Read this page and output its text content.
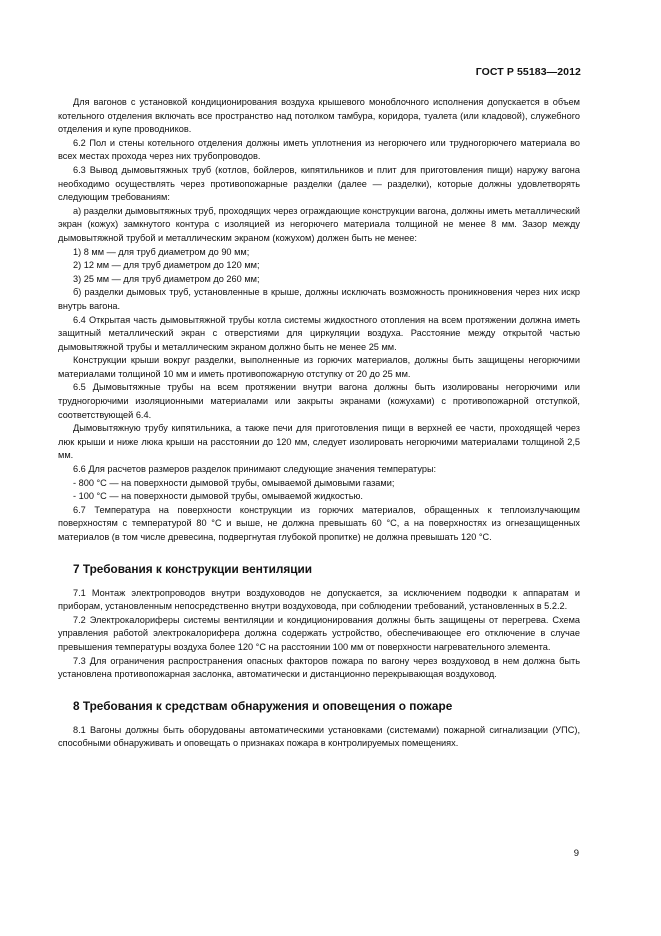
ГОСТ Р 55183—2012

Для вагонов с установкой кондиционирования воздуха крышевого моноблочного исполнения допускается в объем котельного отделения включать все пространство над потолком тамбура, коридора, туалета (или кладовой), служебного отделения и купе проводников.

6.2 Пол и стены котельного отделения должны иметь уплотнения из негорючего или трудногорючего материала во всех местах прохода через них трубопроводов.

6.3 Вывод дымовытяжных труб (котлов, бойлеров, кипятильников и плит для приготовления пищи) наружу вагона необходимо осуществлять через противопожарные разделки (далее — разделки), которые должны удовлетворять следующим требованиям:

а) разделки дымовытяжных труб, проходящих через ограждающие конструкции вагона, должны иметь металлический экран (кожух) замкнутого контура с изоляцией из негорючего материала толщиной не менее 8 мм. Зазор между дымовытяжной трубой и металлическим экраном (кожухом) должен быть не менее:

1) 8 мм — для труб диаметром до 90 мм;

2) 12 мм — для труб диаметром до 120 мм;

3) 25 мм — для труб диаметром до 260 мм;

б) разделки дымовых труб, установленные в крыше, должны исключать возможность проникновения через них искр внутрь вагона.

6.4 Открытая часть дымовытяжной трубы котла системы жидкостного отопления на всем протяжении должна иметь защитный металлический экран с отверстиями для циркуляции воздуха. Расстояние между открытой частью дымовытяжной трубы и металлическим экраном должно быть не менее 25 мм.

Конструкции крыши вокруг разделки, выполненные из горючих материалов, должны быть защищены негорючими материалами толщиной 10 мм и иметь противопожарную отступку от 20 до 25 мм.

6.5 Дымовытяжные трубы на всем протяжении внутри вагона должны быть изолированы негорючими или трудногорючими изоляционными материалами или закрыты экранами (кожухами) с противопожарной отступкой, соответствующей 6.4.

Дымовытяжную трубу кипятильника, а также печи для приготовления пищи в верхней ее части, проходящей через люк крыши и ниже люка крыши на расстоянии до 120 мм, следует изолировать негорючими материалами толщиной 2,5 мм.

6.6 Для расчетов размеров разделок принимают следующие значения температуры:

- 800 °С — на поверхности дымовой трубы, омываемой дымовыми газами;

- 100 °С — на поверхности дымовой трубы, омываемой жидкостью.

6.7 Температура на поверхности конструкции из горючих материалов, обращенных к теплоизлучающим поверхностям с температурой 80 °С и выше, не должна превышать 60 °С, а на поверхностях из огнезащищенных материалов (в том числе древесина, подвергнутая глубокой пропитке) не должна превышать 120 °С.

7 Требования к конструкции вентиляции

7.1 Монтаж электропроводов внутри воздуховодов не допускается, за исключением подводки к аппаратам и приборам, установленным непосредственно внутри воздуховода, при соблюдении требований, установленных в 5.2.2.

7.2 Электрокалориферы системы вентиляции и кондиционирования должны быть защищены от перегрева. Схема управления работой электрокалорифера должна содержать устройство, обеспечивающее его отключение в случае превышения температуры воздуха более 120 °С на расстоянии 100 мм от поверхности нагревательного элемента.

7.3 Для ограничения распространения опасных факторов пожара по вагону через воздуховод в нем должна быть установлена противопожарная заслонка, автоматически и дистанционно перекрывающая воздуховод.

8 Требования к средствам обнаружения и оповещения о пожаре

8.1 Вагоны должны быть оборудованы автоматическими установками (системами) пожарной сигнализации (УПС), способными обнаруживать и оповещать о признаках пожара в контролируемых помещениях.

9
